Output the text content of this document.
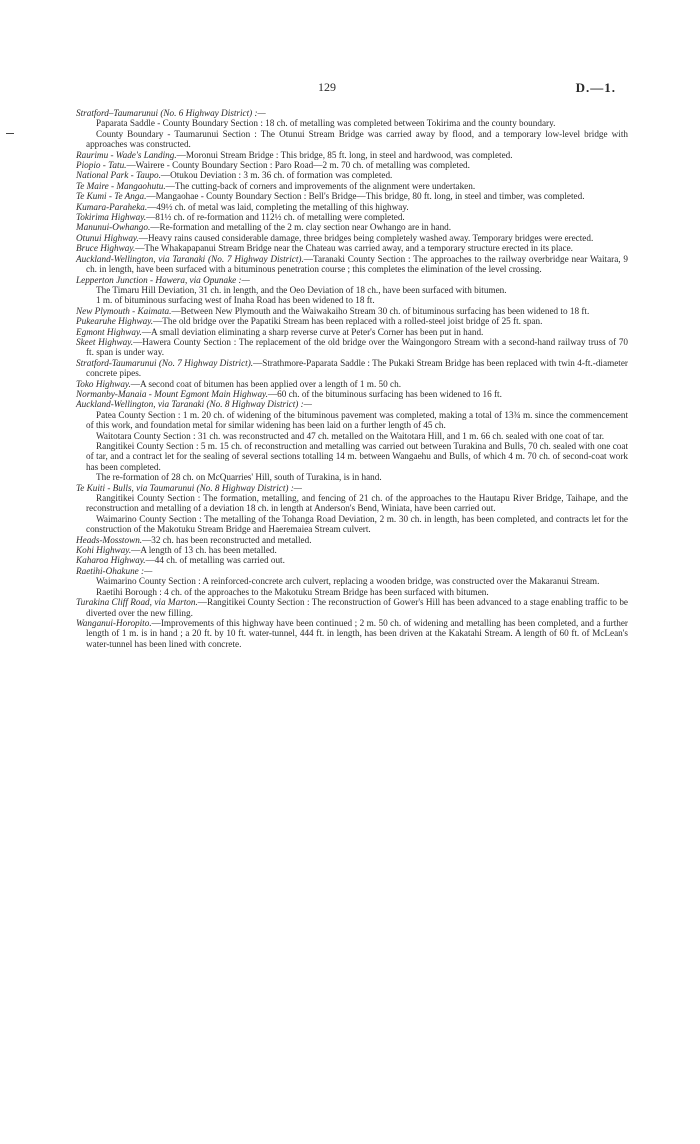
129	D.—1.

Stratford–Taumarunui (No. 6 Highway District) :—

Paparata Saddle - County Boundary Section : 18 ch. of metalling was completed between Tokirima and the county boundary.

County Boundary - Taumarunui Section : The Otunui Stream Bridge was carried away by flood, and a temporary low-level bridge with approaches was constructed.

Raurimu - Wade's Landing.—Moronui Stream Bridge : This bridge, 85 ft. long, in steel and hardwood, was completed.

Piopio - Tatu.—Wairere - County Boundary Section : Paro Road—2 m. 70 ch. of metalling was completed.

National Park - Taupo.—Otukou Deviation : 3 m. 36 ch. of formation was completed.

Te Maire - Mangaohutu.—The cutting-back of corners and improvements of the alignment were undertaken.

Te Kumi - Te Anga.—Mangaohae - County Boundary Section : Bell's Bridge—This bridge, 80 ft. long, in steel and timber, was completed.

Kumara-Paraheka.—49½ ch. of metal was laid, completing the metalling of this highway.

Tokirima Highway.—81½ ch. of re-formation and 112½ ch. of metalling were completed.

Manunui-Owhango.—Re-formation and metalling of the 2 m. clay section near Owhango are in hand.

Otunui Highway.—Heavy rains caused considerable damage, three bridges being completely washed away. Temporary bridges were erected.

Bruce Highway.—The Whakapapanui Stream Bridge near the Chateau was carried away, and a temporary structure erected in its place.

Auckland-Wellington, via Taranaki (No. 7 Highway District).—Taranaki County Section : The approaches to the railway overbridge near Waitara, 9 ch. in length, have been surfaced with a bituminous penetration course ; this completes the elimination of the level crossing.

Lepperton Junction - Hawera, via Opunake :—

The Timaru Hill Deviation, 31 ch. in length, and the Oeo Deviation of 18 ch., have been surfaced with bitumen.

1 m. of bituminous surfacing west of Inaha Road has been widened to 18 ft.

New Plymouth - Kaimata.—Between New Plymouth and the Waiwakaiho Stream 30 ch. of bituminous surfacing has been widened to 18 ft.

Pukearuhe Highway.—The old bridge over the Papatiki Stream has been replaced with a rolled-steel joist bridge of 25 ft. span.

Egmont Highway.—A small deviation eliminating a sharp reverse curve at Peter's Corner has been put in hand.

Skeet Highway.—Hawera County Section : The replacement of the old bridge over the Waingongoro Stream with a second-hand railway truss of 70 ft. span is under way.

Stratford-Taumarunui (No. 7 Highway District).—Strathmore-Paparata Saddle : The Pukaki Stream Bridge has been replaced with twin 4-ft.-diameter concrete pipes.

Toko Highway.—A second coat of bitumen has been applied over a length of 1 m. 50 ch.

Normanby-Manaia - Mount Egmont Main Highway.—60 ch. of the bituminous surfacing has been widened to 16 ft.

Auckland-Wellington, via Taranaki (No. 8 Highway District) :—

Patea County Section : 1 m. 20 ch. of widening of the bituminous pavement was completed, making a total of 13¾ m. since the commencement of this work, and foundation metal for similar widening has been laid on a further length of 45 ch.

Waitotara County Section : 31 ch. was reconstructed and 47 ch. metalled on the Waitotara Hill, and 1 m. 66 ch. sealed with one coat of tar.

Rangitikei County Section : 5 m. 15 ch. of reconstruction and metalling was carried out between Turakina and Bulls, 70 ch. sealed with one coat of tar, and a contract let for the sealing of several sections totalling 14 m. between Wangaehu and Bulls, of which 4 m. 70 ch. of second-coat work has been completed.

The re-formation of 28 ch. on McQuarries' Hill, south of Turakina, is in hand.

Te Kuiti - Bulls, via Taumarunui (No. 8 Highway District) :—

Rangitikei County Section : The formation, metalling, and fencing of 21 ch. of the approaches to the Hautapu River Bridge, Taihape, and the reconstruction and metalling of a deviation 18 ch. in length at Anderson's Bend, Winiata, have been carried out.

Waimarino County Section : The metalling of the Tohanga Road Deviation, 2 m. 30 ch. in length, has been completed, and contracts let for the construction of the Makotuku Stream Bridge and Haeremaiea Stream culvert.

Heads-Mosstown.—32 ch. has been reconstructed and metalled.

Kohi Highway.—A length of 13 ch. has been metalled.

Kaharoa Highway.—44 ch. of metalling was carried out.

Raetihi-Ohakune :—

Waimarino County Section : A reinforced-concrete arch culvert, replacing a wooden bridge, was constructed over the Makaranui Stream.

Raetihi Borough : 4 ch. of the approaches to the Makotuku Stream Bridge has been surfaced with bitumen.

Turakina Cliff Road, via Marton.—Rangitikei County Section : The reconstruction of Gower's Hill has been advanced to a stage enabling traffic to be diverted over the new filling.

Wanganui-Horopito.—Improvements of this highway have been continued ; 2 m. 50 ch. of widening and metalling has been completed, and a further length of 1 m. is in hand ; a 20 ft. by 10 ft. water-tunnel, 444 ft. in length, has been driven at the Kakatahi Stream. A length of 60 ft. of McLean's water-tunnel has been lined with concrete.
